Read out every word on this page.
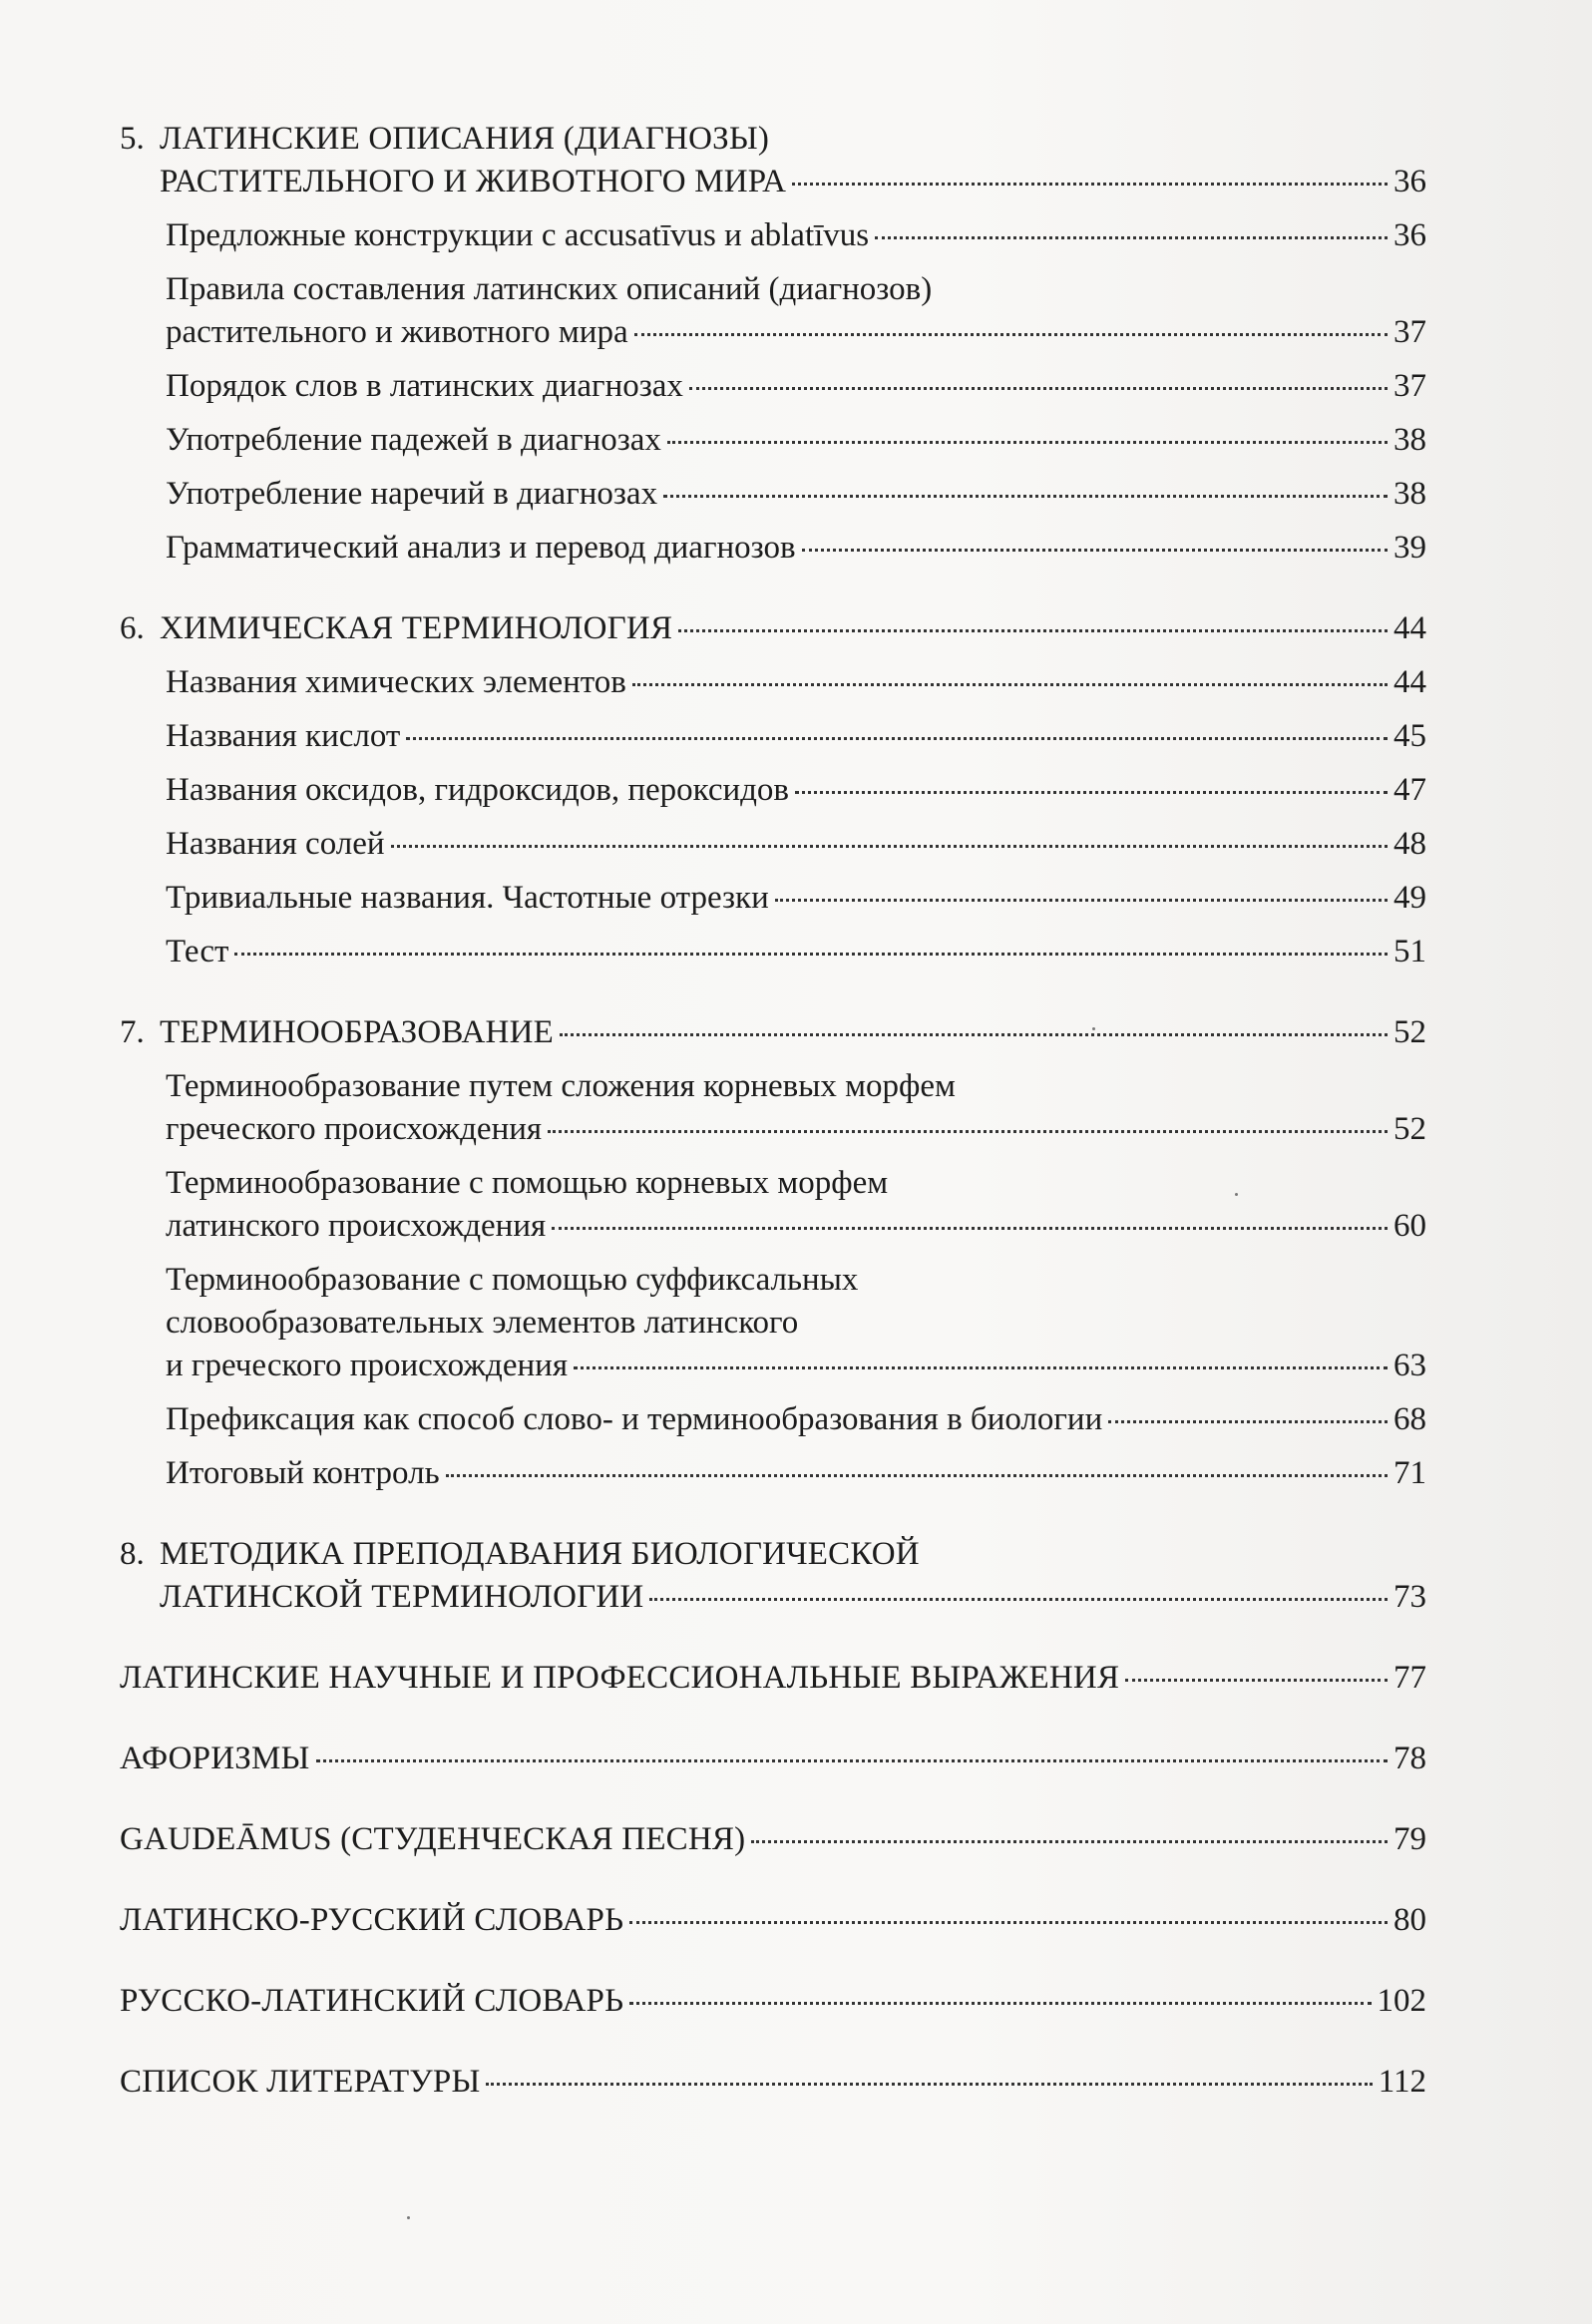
5. ЛАТИНСКИЕ ОПИСАНИЯ (ДИАГНОЗЫ)
РАСТИТЕЛЬНОГО И ЖИВОТНОГО МИРА	36
Предложные конструкции с accusatīvus и ablatīvus	36
Правила составления латинских описаний (диагнозов)
растительного и животного мира	37
Порядок слов в латинских диагнозах	37
Употребление падежей в диагнозах	38
Употребление наречий в диагнозах	38
Грамматический анализ и перевод диагнозов	39
6. ХИМИЧЕСКАЯ ТЕРМИНОЛОГИЯ	44
Названия химических элементов	44
Названия кислот	45
Названия оксидов, гидроксидов, пероксидов	47
Названия солей	48
Тривиальные названия. Частотные отрезки	49
Тест	51
7. ТЕРМИНООБРАЗОВАНИЕ	52
Терминообразование путем сложения корневых морфем
греческого происхождения	52
Терминообразование с помощью корневых морфем
латинского происхождения	60
Терминообразование с помощью суффиксальных
словообразовательных элементов латинского
и греческого происхождения	63
Префиксация как способ слово- и терминообразования в биологии	68
Итоговый контроль	71
8. МЕТОДИКА ПРЕПОДАВАНИЯ БИОЛОГИЧЕСКОЙ
ЛАТИНСКОЙ ТЕРМИНОЛОГИИ	73
ЛАТИНСКИЕ НАУЧНЫЕ И ПРОФЕССИОНАЛЬНЫЕ ВЫРАЖЕНИЯ	77
АФОРИЗМЫ	78
GAUDEĀMUS (СТУДЕНЧЕСКАЯ ПЕСНЯ)	79
ЛАТИНСКО-РУССКИЙ СЛОВАРЬ	80
РУССКО-ЛАТИНСКИЙ СЛОВАРЬ	102
СПИСОК ЛИТЕРАТУРЫ	112
